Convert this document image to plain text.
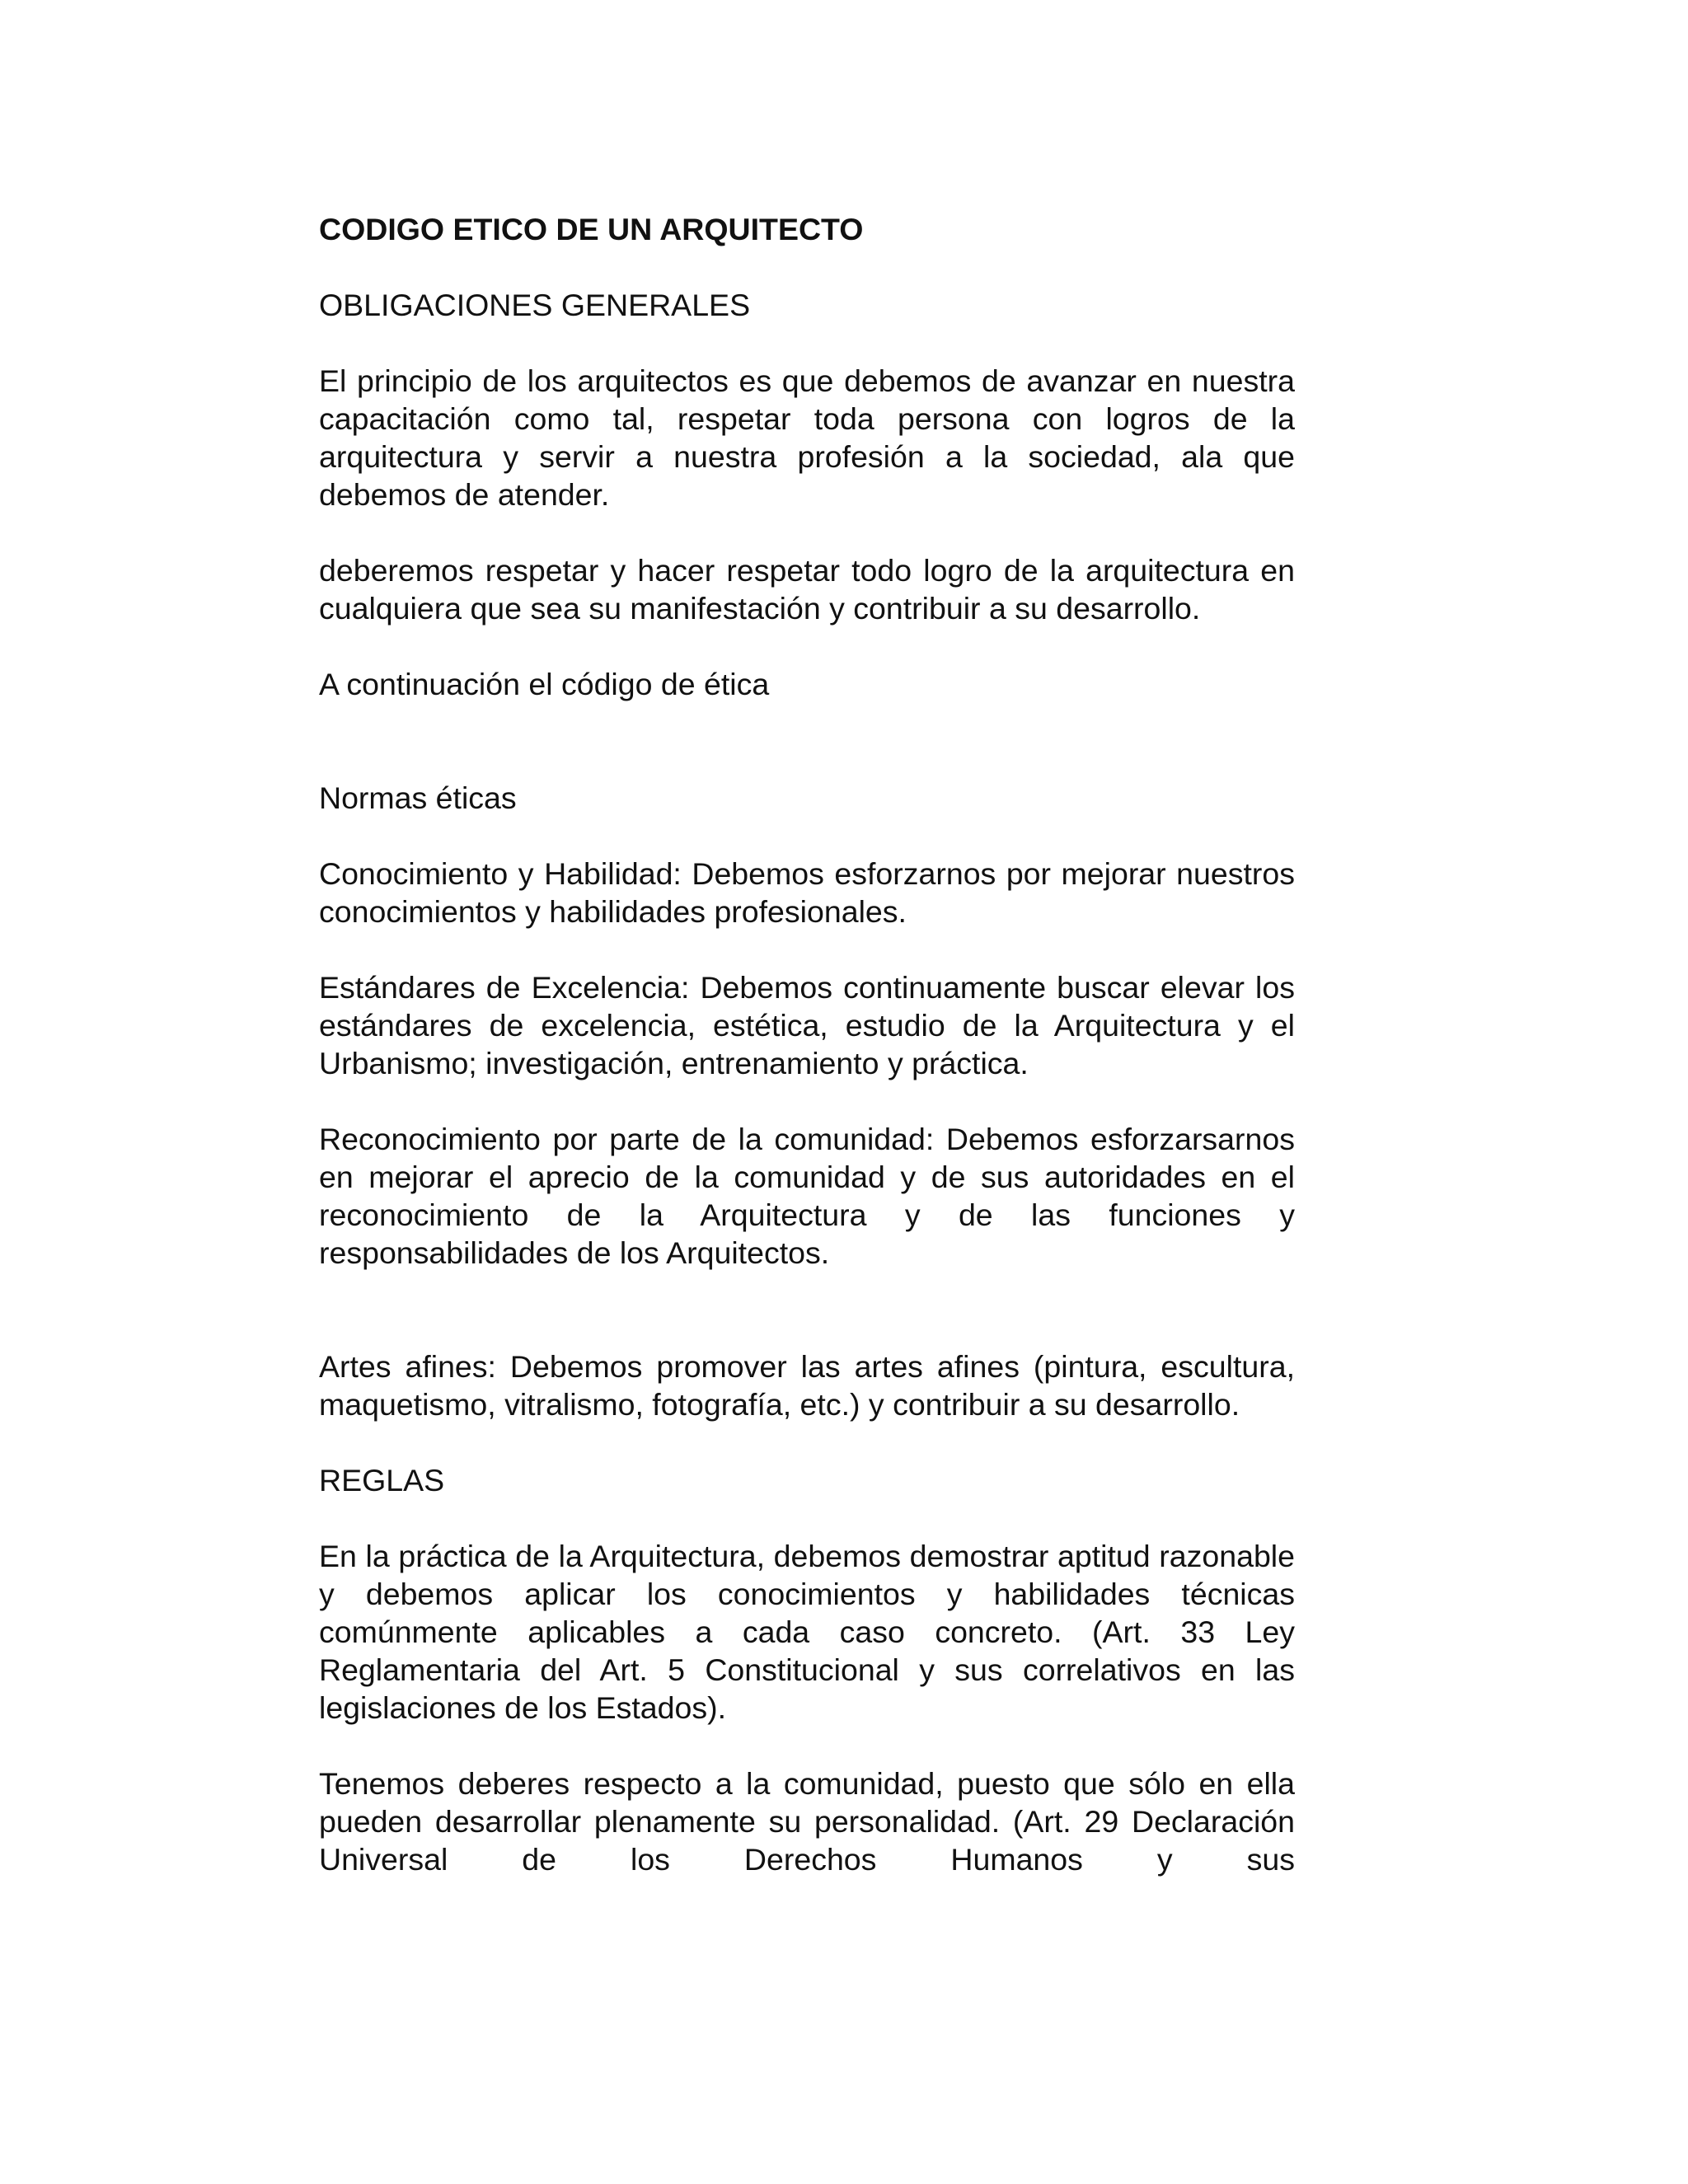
CODIGO ETICO DE UN ARQUITECTO
OBLIGACIONES GENERALES

El principio de los arquitectos es que debemos de avanzar en nuestra capacitación como tal, respetar toda persona con logros de la arquitectura y servir a nuestra profesión a la sociedad, ala que debemos de atender.

deberemos respetar y hacer respetar todo logro de la arquitectura en cualquiera que sea su manifestación y contribuir a su desarrollo.

A continuación el código de ética

Normas éticas

Conocimiento y Habilidad: Debemos esforzarnos por mejorar nuestros conocimientos y habilidades profesionales.

Estándares de Excelencia: Debemos continuamente buscar elevar los estándares de excelencia, estética, estudio de la Arquitectura y el Urbanismo; investigación, entrenamiento y práctica.

Reconocimiento por parte de la comunidad: Debemos esforzarsarnos en mejorar el aprecio de la comunidad y de sus autoridades en el reconocimiento de la Arquitectura y de las funciones y responsabilidades de los Arquitectos.

Artes afines: Debemos promover las artes afines (pintura, escultura, maquetismo, vitralismo, fotografía, etc.) y contribuir a su desarrollo.

REGLAS

En la práctica de la Arquitectura, debemos demostrar aptitud razonable y debemos aplicar los conocimientos y habilidades técnicas comúnmente aplicables a cada caso concreto. (Art. 33 Ley Reglamentaria del Art. 5 Constitucional y sus correlativos en las legislaciones de los Estados).

Tenemos deberes respecto a la comunidad, puesto que sólo en ella pueden desarrollar plenamente su personalidad. (Art. 29 Declaración Universal de los Derechos Humanos y sus
